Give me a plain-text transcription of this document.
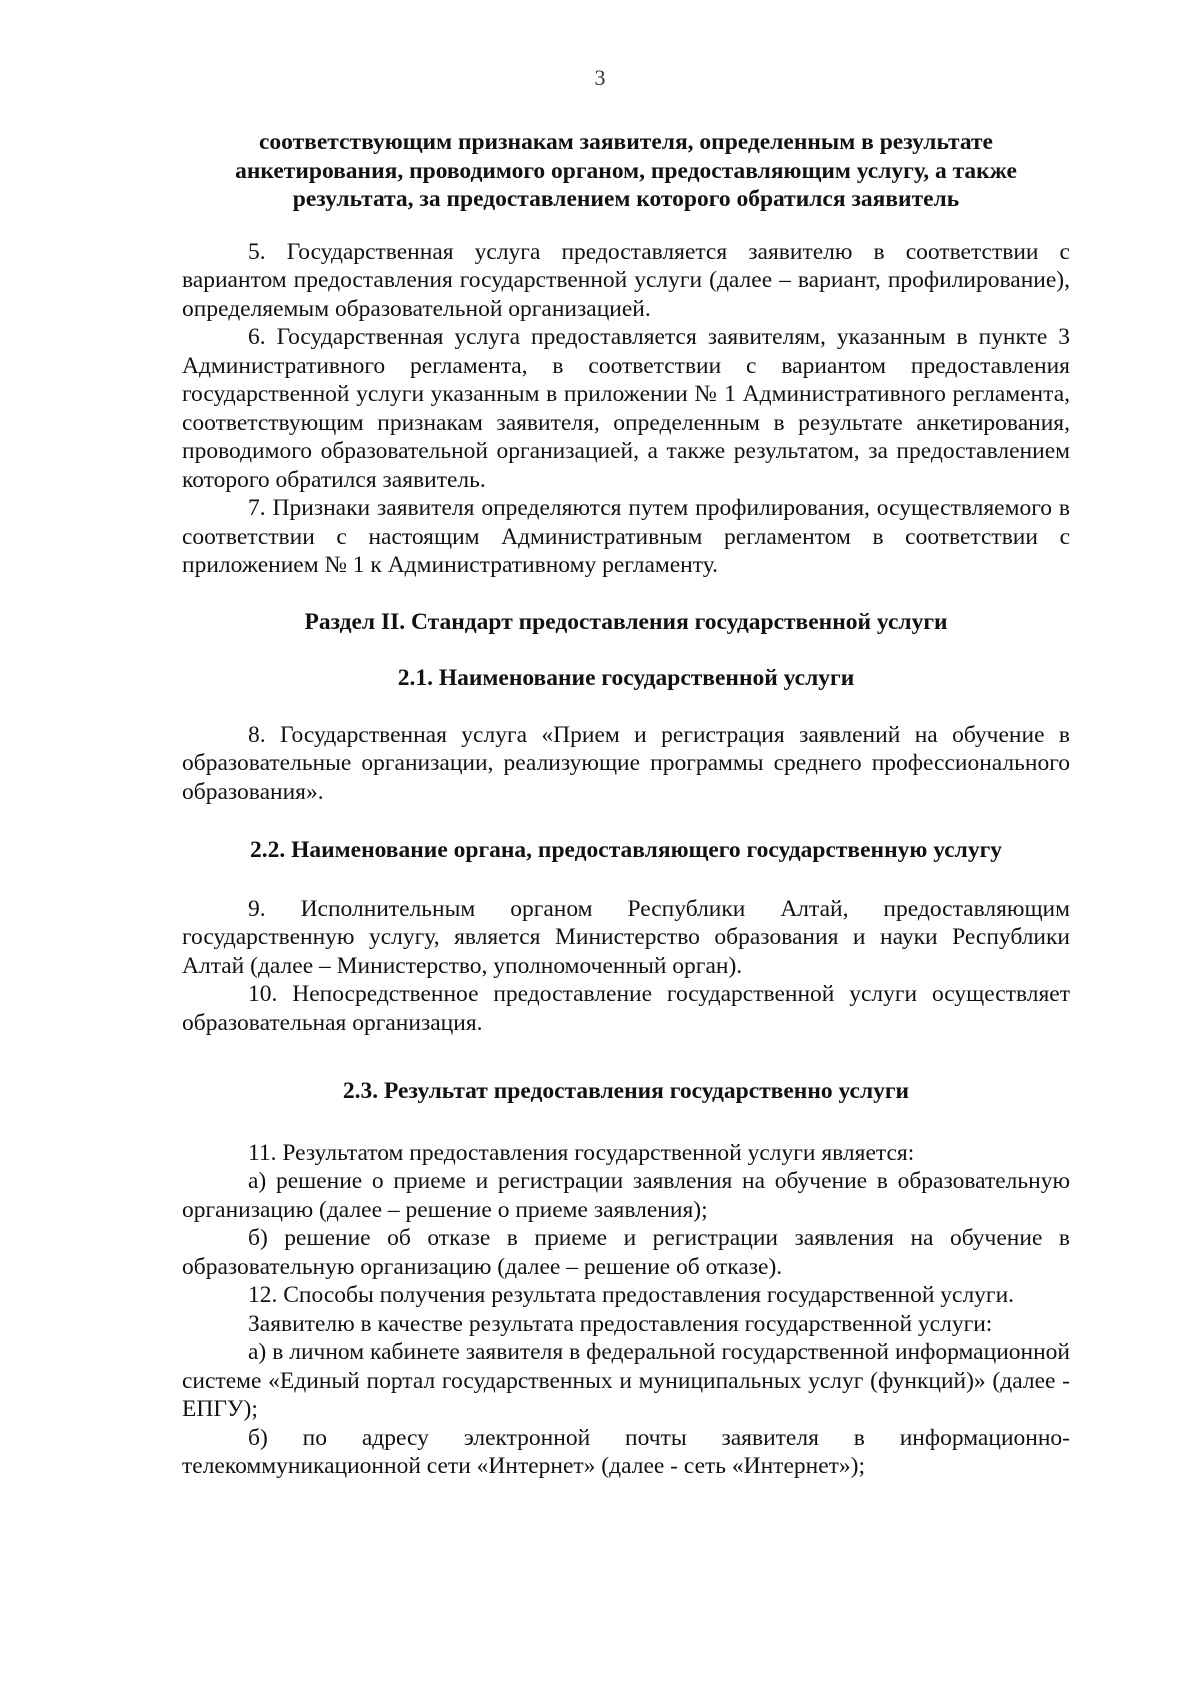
3

соответствующим признакам заявителя, определенным в результате анкетирования, проводимого органом, предоставляющим услугу, а также результата, за предоставлением которого обратился заявитель

5. Государственная услуга предоставляется заявителю в соответствии с вариантом предоставления государственной услуги (далее – вариант, профилирование), определяемым образовательной организацией.

6. Государственная услуга предоставляется заявителям, указанным в пункте 3 Административного регламента, в соответствии с вариантом предоставления государственной услуги указанным в приложении № 1 Административного регламента, соответствующим признакам заявителя, определенным в результате анкетирования, проводимого образовательной организацией, а также результатом, за предоставлением которого обратился заявитель.

7. Признаки заявителя определяются путем профилирования, осуществляемого в соответствии с настоящим Административным регламентом в соответствии с приложением № 1 к Административному регламенту.

Раздел II. Стандарт предоставления государственной услуги

2.1. Наименование государственной услуги

8. Государственная услуга «Прием и регистрация заявлений на обучение в образовательные организации, реализующие программы среднего профессионального образования».

2.2. Наименование органа, предоставляющего государственную услугу

9. Исполнительным органом Республики Алтай, предоставляющим государственную услугу, является Министерство образования и науки Республики Алтай (далее – Министерство, уполномоченный орган).

10. Непосредственное предоставление государственной услуги осуществляет образовательная организация.

2.3. Результат предоставления государственно услуги

11. Результатом предоставления государственной услуги является:

а) решение о приеме и регистрации заявления на обучение в образовательную организацию (далее – решение о приеме заявления);

б) решение об отказе в приеме и регистрации заявления на обучение в образовательную организацию (далее – решение об отказе).

12. Способы получения результата предоставления государственной услуги.

Заявителю в качестве результата предоставления государственной услуги:

а) в личном кабинете заявителя в федеральной государственной информационной системе «Единый портал государственных и муниципальных услуг (функций)» (далее - ЕПГУ);

б) по адресу электронной почты заявителя в информационно-телекоммуникационной сети «Интернет» (далее - сеть «Интернет»);
